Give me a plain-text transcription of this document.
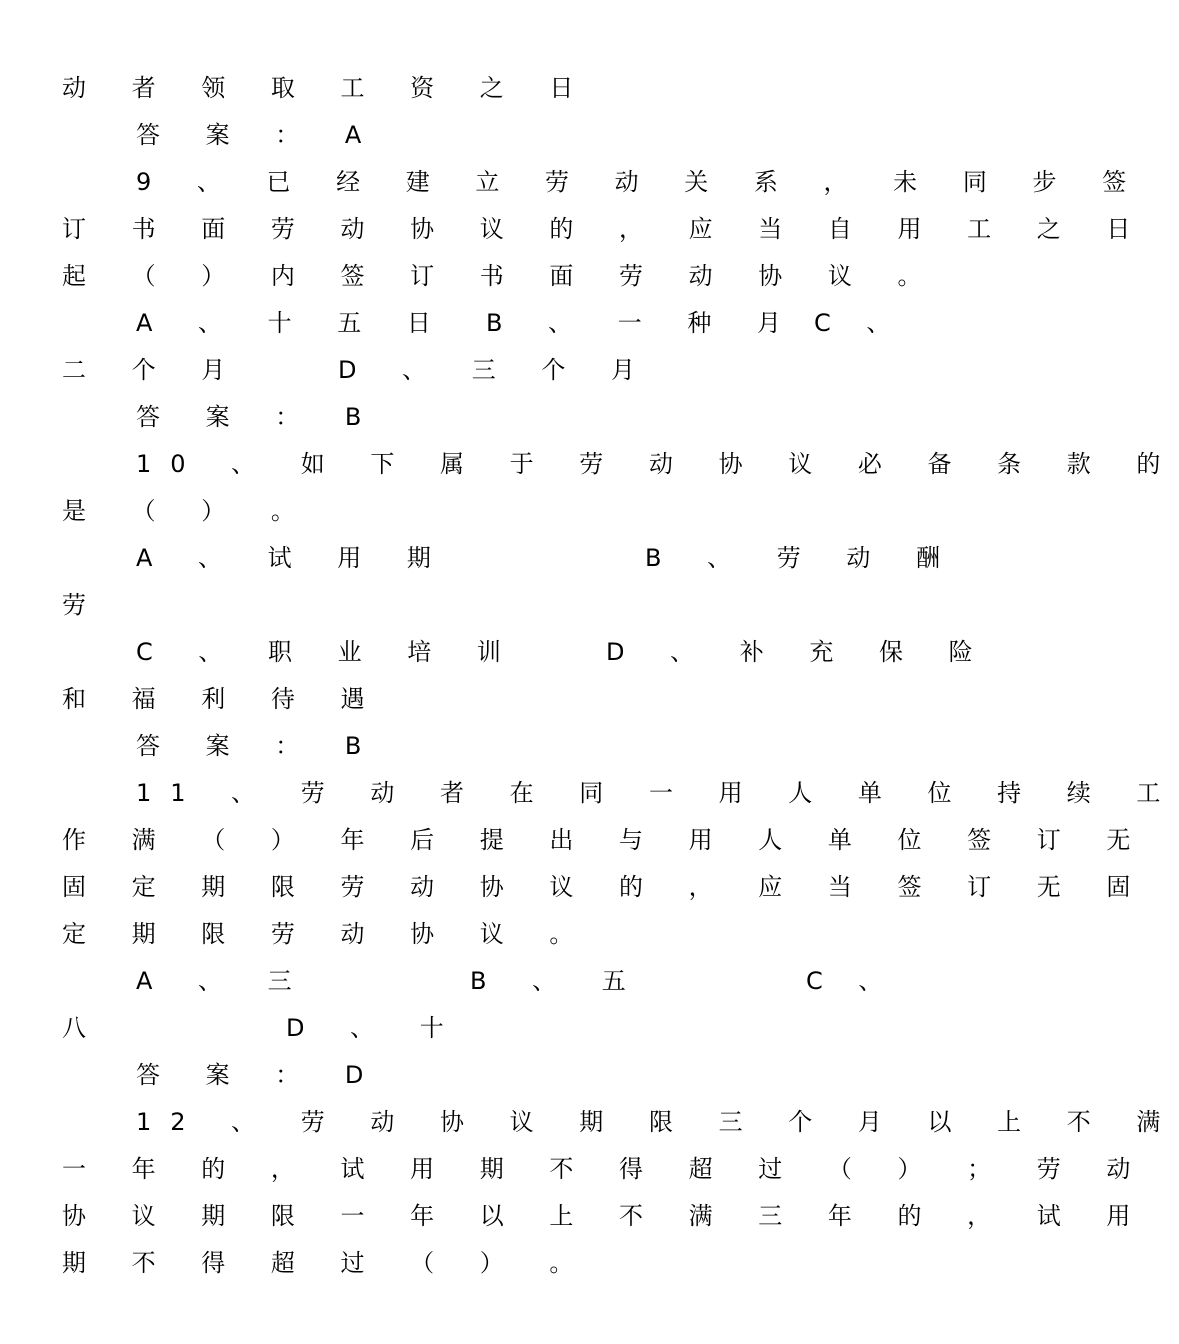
动 者 领 取 工 资 之 日
答 案 ： A
9 、 已 经 建 立 劳 动 关 系 ， 未 同 步 签
订 书 面 劳 动 协 议 的 ， 应 当 自 用 工 之 日
起 （ ） 内 签 订 书 面 劳 动 协 议 。
A 、 十 五 日 B 、 一 种 月 C 、
二 个 月	D 、 三 个 月
答 案 ： B
10 、 如 下 属 于 劳 动 协 议 必 备 条 款 的
是 （ ） 。
A 、 试 用 期	B 、 劳 动 酬
劳
C 、 职 业 培 训	D 、 补 充 保 险
和 福 利 待 遇
答 案 ： B
11 、 劳 动 者 在 同 一 用 人 单 位 持 续 工
作 满 （ ） 年 后 提 出 与 用 人 单 位 签 订 无
固 定 期 限 劳 动 协 议 的 ， 应 当 签 订 无 固
定 期 限 劳 动 协 议 。
A 、 三	B 、 五	C 、
八	D 、 十
答 案 ： D
12 、 劳 动 协 议 期 限 三 个 月 以 上 不 满
一 年 的 ， 试 用 期 不 得 超 过 （ ） ； 劳 动
协 议 期 限 一 年 以 上 不 满 三 年 的 ， 试 用
期 不 得 超 过 （ ） 。
